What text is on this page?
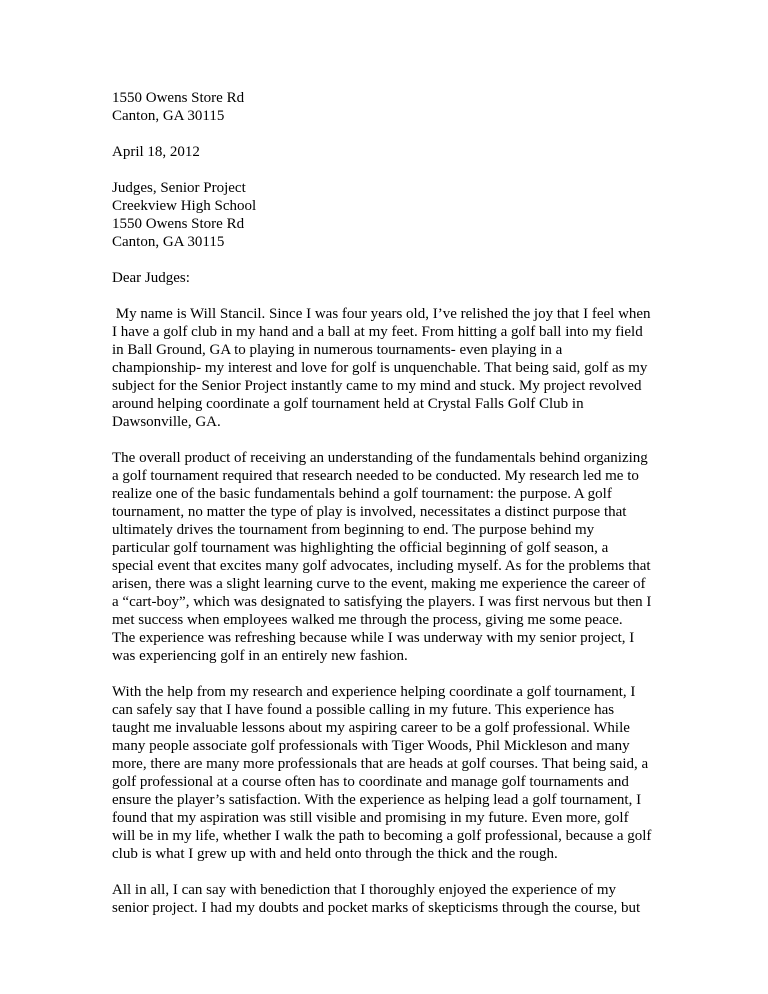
1550 Owens Store Rd
Canton, GA 30115
April 18, 2012
Judges, Senior Project
Creekview High School
1550 Owens Store Rd
Canton, GA 30115
Dear Judges:
My name is Will Stancil. Since I was four years old, I’ve relished the joy that I feel when
I have a golf club in my hand and a ball at my feet. From hitting a golf ball into my field
in Ball Ground, GA to playing in numerous tournaments- even playing in a
championship- my interest and love for golf is unquenchable. That being said, golf as my
subject for the Senior Project instantly came to my mind and stuck. My project revolved
around helping coordinate a golf tournament held at Crystal Falls Golf Club in
Dawsonville, GA.
The overall product of receiving an understanding of the fundamentals behind organizing
a golf tournament required that research needed to be conducted. My research led me to
realize one of the basic fundamentals behind a golf tournament: the purpose. A golf
tournament, no matter the type of play is involved, necessitates a distinct purpose that
ultimately drives the tournament from beginning to end. The purpose behind my
particular golf tournament was highlighting the official beginning of golf season, a
special event that excites many golf advocates, including myself. As for the problems that
arisen, there was a slight learning curve to the event, making me experience the career of
a “cart-boy”, which was designated to satisfying the players. I was first nervous but then I
met success when employees walked me through the process, giving me some peace.
The experience was refreshing because while I was underway with my senior project, I
was experiencing golf in an entirely new fashion.
With the help from my research and experience helping coordinate a golf tournament, I
can safely say that I have found a possible calling in my future. This experience has
taught me invaluable lessons about my aspiring career to be a golf professional. While
many people associate golf professionals with Tiger Woods, Phil Mickleson and many
more, there are many more professionals that are heads at golf courses. That being said, a
golf professional at a course often has to coordinate and manage golf tournaments and
ensure the player’s satisfaction. With the experience as helping lead a golf tournament, I
found that my aspiration was still visible and promising in my future. Even more, golf
will be in my life, whether I walk the path to becoming a golf professional, because a golf
club is what I grew up with and held onto through the thick and the rough.
All in all, I can say with benediction that I thoroughly enjoyed the experience of my
senior project. I had my doubts and pocket marks of skepticisms through the course, but
